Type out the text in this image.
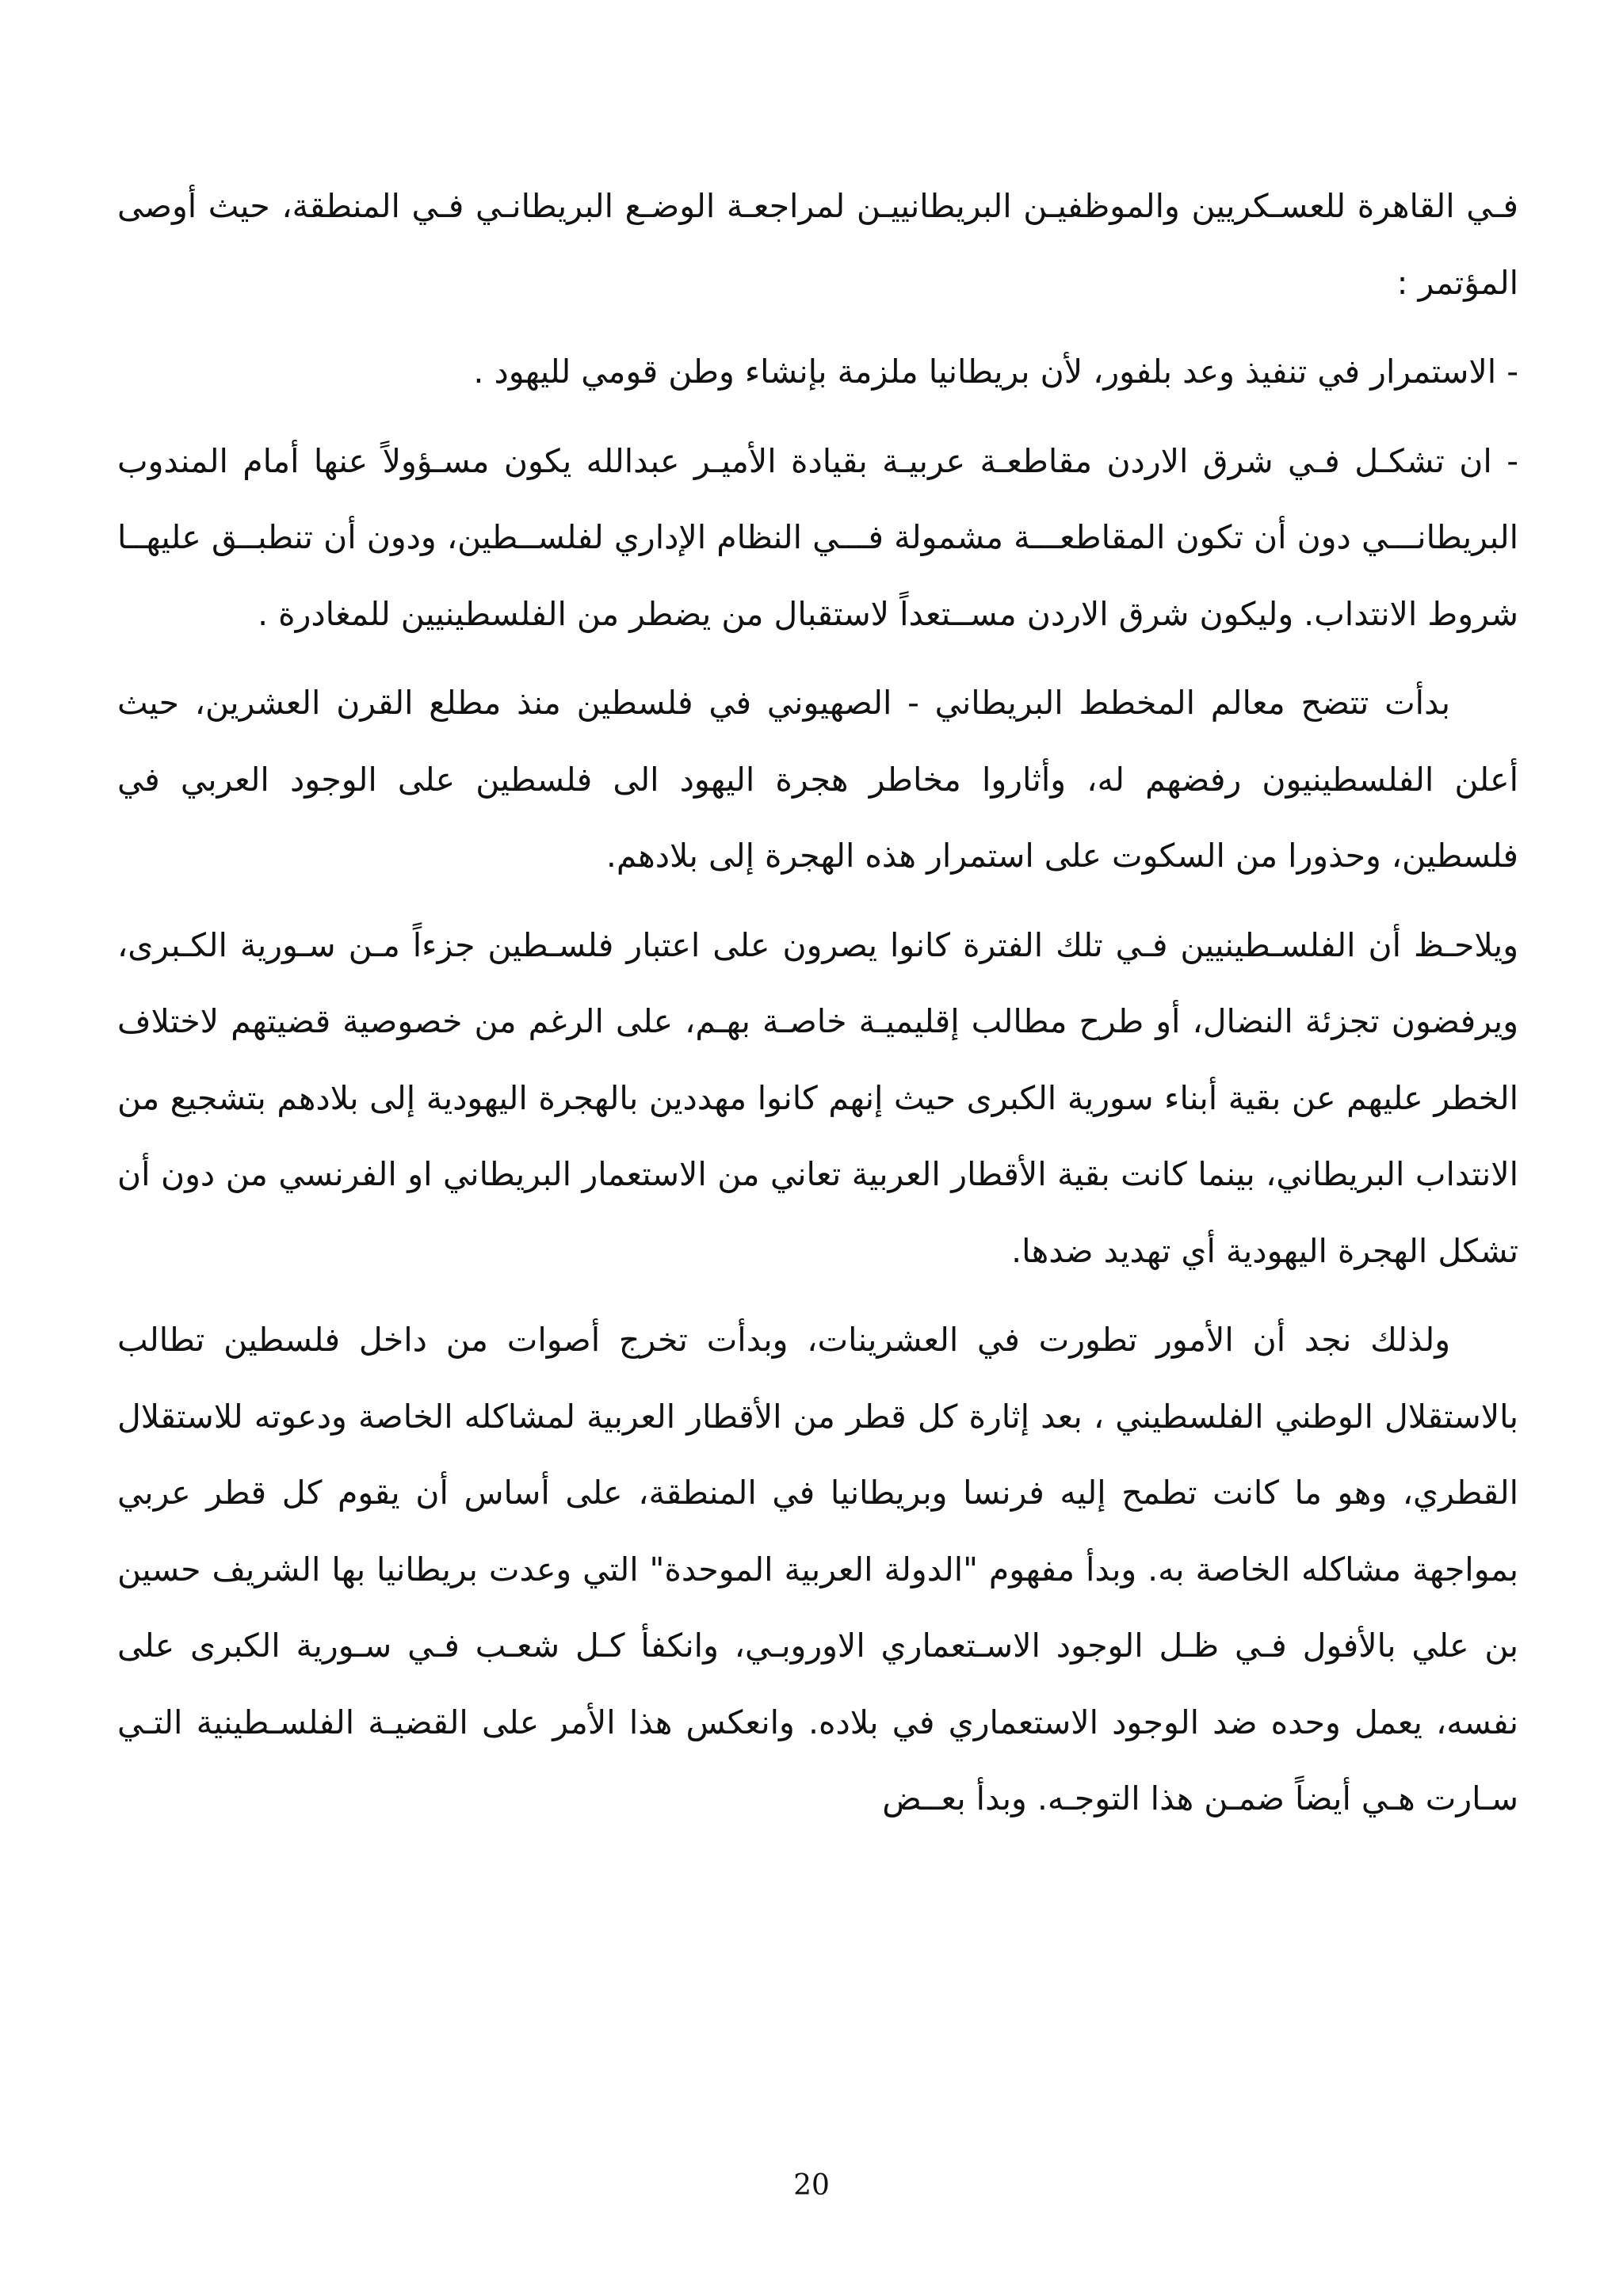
فـي القاهرة للعسـكريين والموظفيـن البريطانييـن لمراجعـة الوضـع البريطانـي فـي المنطقة، حيث أوصى المؤتمر :

- الاستمرار في تنفيذ وعد بلفور، لأن بريطانيا ملزمة بإنشاء وطن قومي لليهود .

- ان تشكـل فـي شرق الاردن مقاطعـة عربيـة بقيادة الأميـر عبدالله يكون مسـؤولاً عنها أمام المندوب البريطانـــي دون أن تكون المقاطعـــة مشمولة فـــي النظام الإداري لفلســطين، ودون أن تنطبــق عليهــا شروط الانتداب. وليكون شرق الاردن مســتعداً لاستقبال من يضطر من الفلسطينيين للمغادرة .

بدأت تتضح معالم المخطط البريطاني - الصهيوني في فلسطين منذ مطلع القرن العشرين، حيث أعلن الفلسطينيون رفضهم له، وأثاروا مخاطر هجرة اليهود الى فلسطين على الوجود العربي في فلسطين، وحذورا من السكوت على استمرار هذه الهجرة إلى بلادهم.

ويلاحـظ أن الفلسـطينيين فـي تلك الفترة كانوا يصرون على اعتبار فلسـطين جزءاً مـن سـورية الكـبرى، ويرفضون تجزئة النضال، أو طرح مطالب إقليميـة خاصـة بهـم، على الرغم من خصوصية قضيتهم لاختلاف الخطر عليهم عن بقية أبناء سورية الكبرى حيث إنهم كانوا مهددين بالهجرة اليهودية إلى بلادهم بتشجيع من الانتداب البريطاني، بينما كانت بقية الأقطار العربية تعاني من الاستعمار البريطاني او الفرنسي من دون أن تشكل الهجرة اليهودية أي تهديد ضدها.

ولذلك نجد أن الأمور تطورت في العشرينات، وبدأت تخرج أصوات من داخل فلسطين تطالب بالاستقلال الوطني الفلسطيني ، بعد إثارة كل قطر من الأقطار العربية لمشاكله الخاصة ودعوته للاستقلال القطري، وهو ما كانت تطمح إليه فرنسا وبريطانيا في المنطقة، على أساس أن يقوم كل قطر عربي بمواجهة مشاكله الخاصة به. وبدأ مفهوم "الدولة العربية الموحدة" التي وعدت بريطانيا بها الشريف حسين بن علي بالأفول فـي ظـل الوجود الاسـتعماري الاوروبـي، وانكفأ كـل شعـب فـي سـورية الكبرى على نفسه، يعمل وحده ضد الوجود الاستعماري في بلاده. وانعكس هذا الأمر على القضيـة الفلسـطينية التـي سـارت هـي أيضاً ضمـن هذا التوجـه. وبدأ بعــض

20
